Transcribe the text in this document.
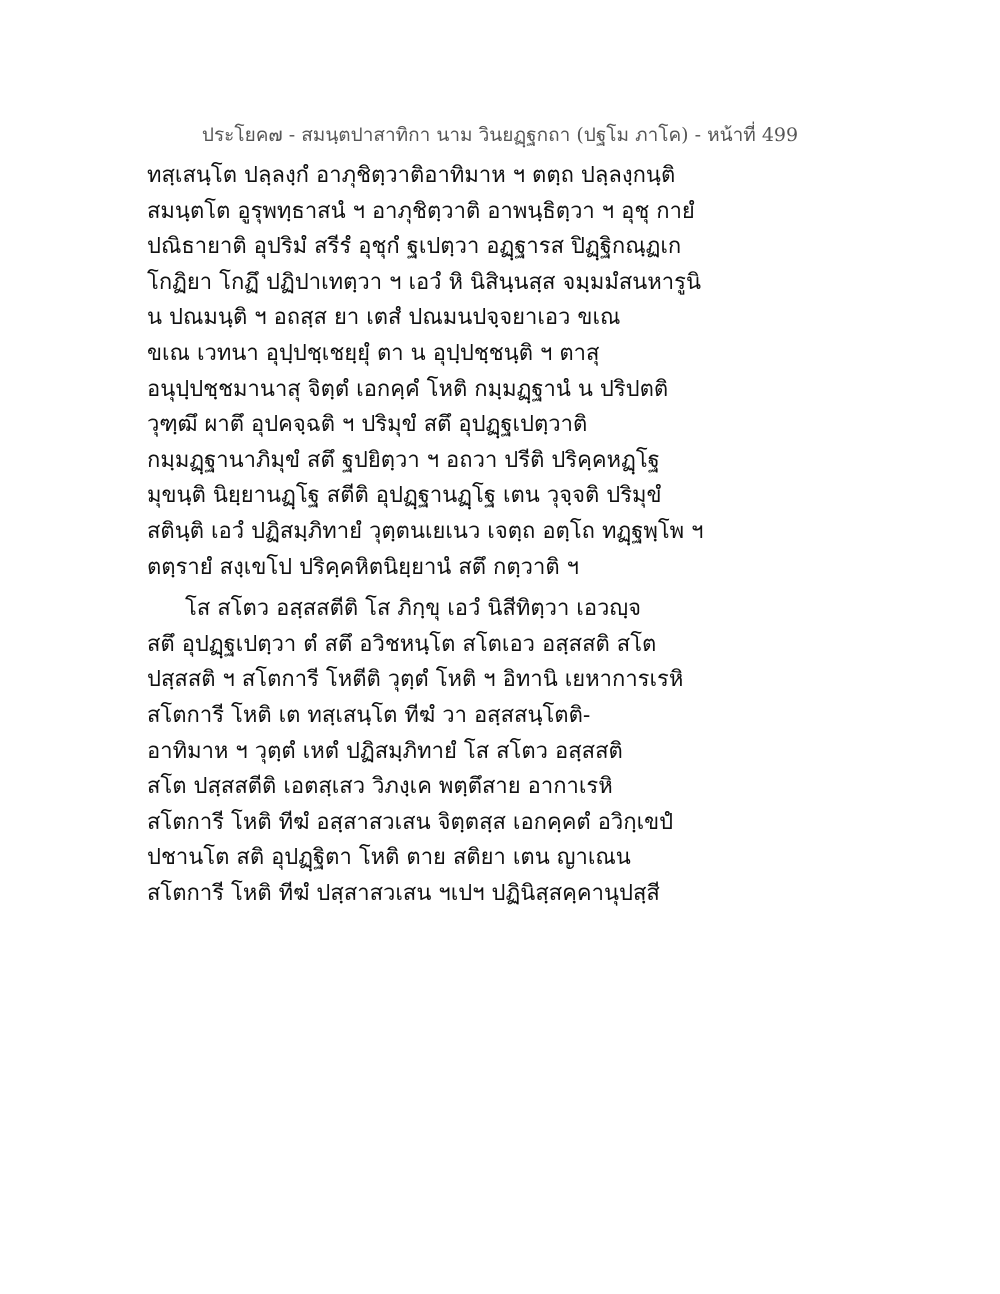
ประโยค๗ - สมนฺตปาสาทิกา นาม วินยฏฺฐกถา (ปฐโม ภาโค) - หน้าที่ 499
ทสฺเสนฺโต ปลฺลงฺกํ อาภุชิตฺวาติอาทิมาห ฯ ตตฺถ ปลฺลงฺกนฺติ
สมนฺตโต อูรุพทฺธาสนํ ฯ อาภุชิตฺวาติ อาพนฺธิตฺวา ฯ อุชุ กายํ
ปณิธายาติ อุปริมํ สรีรํ อุชุกํ ฐเปตฺวา อฏฺฐารส ปิฏฺฐิกณฺฏเก
โกฏิยา โกฏึ ปฏิปาเทตฺวา ฯ เอวํ หิ นิสินฺนสฺส จมฺมมํสนหารูนิ
น ปณมนฺติ ฯ อถสฺส ยา เตสํ ปณมนปจฺจยาเอว ขเณ
ขเณ เวทนา อุปฺปชฺเชยฺยุํ ตา น อุปฺปชฺชนฺติ ฯ ตาสุ
อนุปฺปชฺชมานาสุ จิตฺตํ เอกคฺคํ โหติ กมฺมฏฺฐานํ น ปริปตติ
วุฑฺฒึ ผาตึ อุปคจฺฉติ ฯ ปริมุขํ สตึ อุปฏฺฐเปตฺวาติ
กมฺมฏฺฐานาภิมุขํ สตึ ฐปยิตฺวา ฯ อถวา ปรีติ ปริคฺคหฏฺโฐ
มุขนฺติ นิยฺยานฏฺโฐ สตีติ อุปฏฺฐานฏฺโฐ เตน วุจฺจติ ปริมุขํ
สตินฺติ เอวํ ปฏิสมฺภิทายํ วุตฺตนเยเนว เจตฺถ อตฺโถ ทฏฺฐพฺโพ ฯ
ตตฺรายํ สงฺเขโป ปริคฺคหิตนิยฺยานํ สตึ กตฺวาติ ฯ
โส สโตว อสฺสสตีติ โส ภิกฺขุ เอวํ นิสีทิตฺวา เอวญฺจ
สตึ อุปฏฺฐเปตฺวา ตํ สตึ อวิชหนฺโต สโตเอว อสฺสสติ สโต
ปสฺสสติ ฯ สโตการี โหตีติ วุตฺตํ โหติ ฯ อิทานิ เยหาการเรหิ
สโตการี โหติ เต ทสฺเสนฺโต ทีฆํ วา อสฺสสนฺโตติ-
อาทิมาห ฯ วุตฺตํ เหตํ ปฏิสมฺภิทายํ โส สโตว อสฺสสติ
สโต ปสฺสสตีติ เอตสฺเสว วิภงฺเค พตฺตึสาย อากาเรหิ
สโตการี โหติ ทีฆํ อสฺสาสวเสน จิตฺตสฺส เอกคฺคตํ อวิกฺเขปํ
ปชานโต สติ อุปฏฺฐิตา โหติ ตาย สติยา เตน ญาเณน
สโตการี โหติ ทีฆํ ปสฺสาสวเสน ฯเปฯ ปฏินิสฺสคฺคานุปสฺสี
